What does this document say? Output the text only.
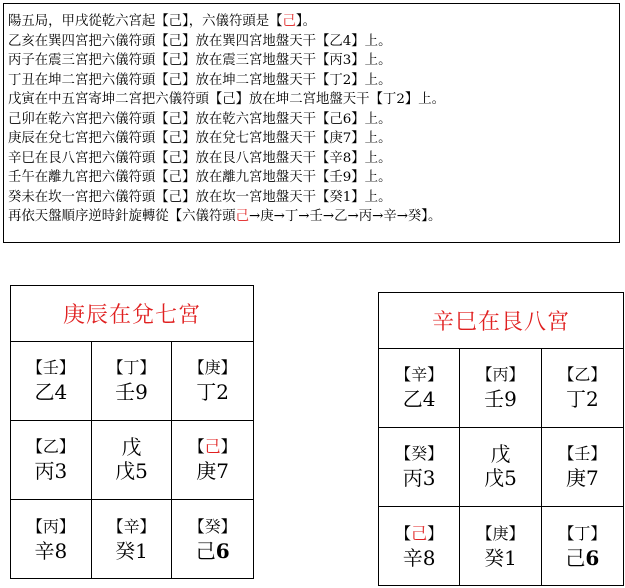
陽五局，甲戌從乾六宮起【己】，六儀符頭是【己】。
乙亥在巽四宮把六儀符頭【己】放在巽四宮地盤天干【乙4】上。
丙子在震三宮把六儀符頭【己】放在震三宮地盤天干【丙3】上。
丁丑在坤二宮把六儀符頭【己】放在坤二宮地盤天干【丁2】上。
戊寅在中五宮寄坤二宮把六儀符頭【己】放在坤二宮地盤天干【丁2】上。
己卯在乾六宮把六儀符頭【己】放在乾六宮地盤天干【己6】上。
庚辰在兌七宮把六儀符頭【己】放在兌七宮地盤天干【庚7】上。
辛巳在艮八宮把六儀符頭【己】放在艮八宮地盤天干【辛8】上。
壬午在離九宮把六儀符頭【己】放在離九宮地盤天干【壬9】上。
癸未在坎一宮把六儀符頭【己】放在坎一宮地盤天干【癸1】上。
再依天盤順序逆時針旋轉從【六儀符頭己→庚→丁→壬→乙→丙→辛→癸】。
庚辰在兌七宮
【壬】
乙4
【丁】
壬9
【庚】
丁2
【乙】
丙3
戊
戊5
【己】
庚7
【丙】
辛8
【辛】
癸1
【癸】
己6
辛巳在艮八宮
【辛】
乙4
【丙】
壬9
【乙】
丁2
【癸】
丙3
戊
戊5
【壬】
庚7
【己】
辛8
【庚】
癸1
【丁】
己6
